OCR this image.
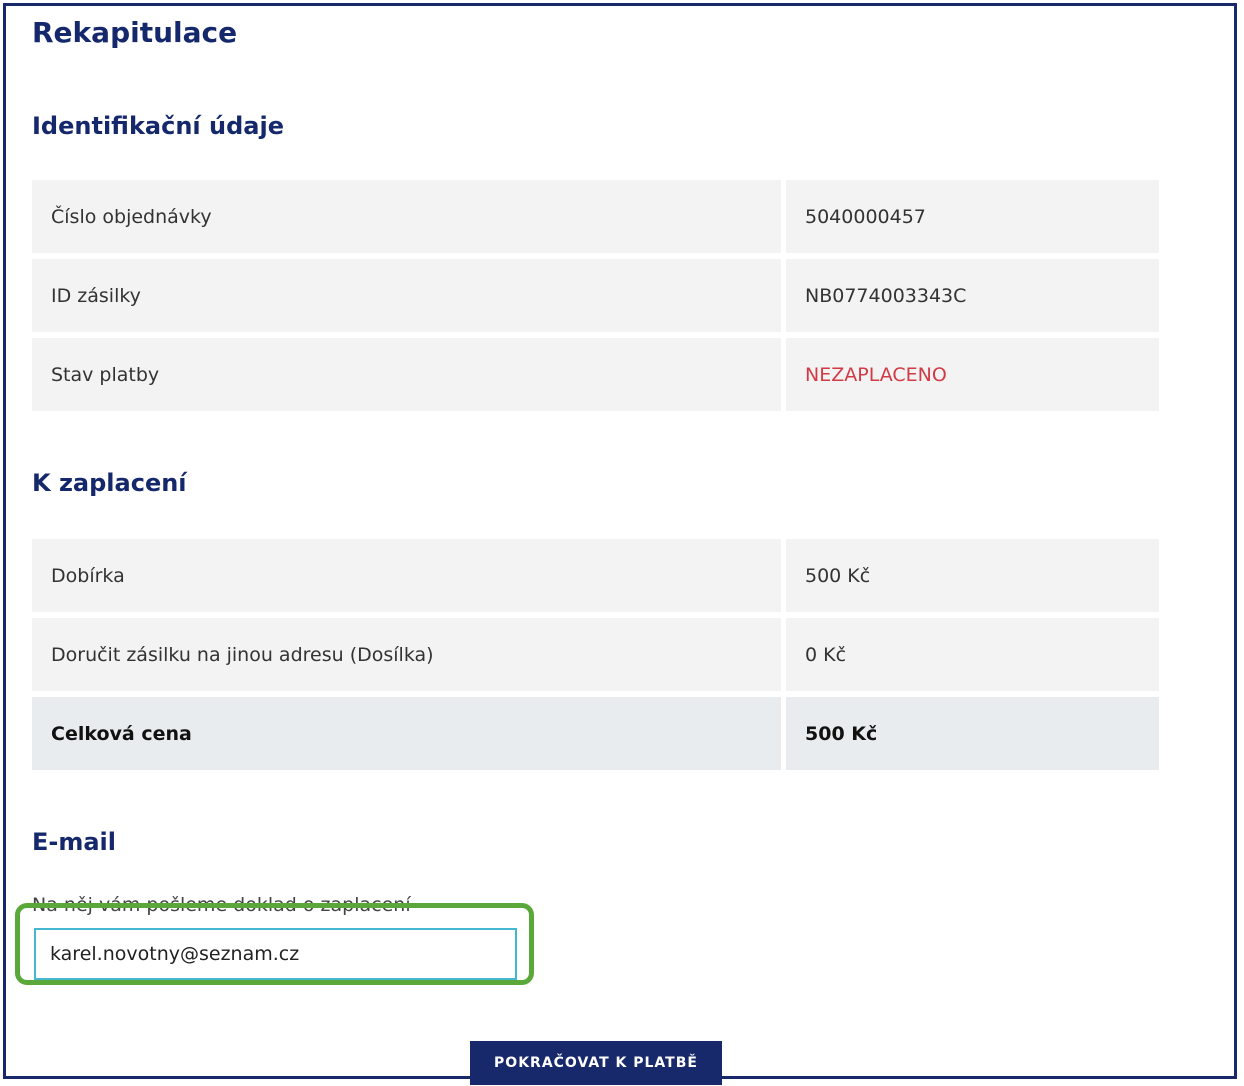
Rekapitulace
Identifikační údaje
Číslo objednávky	5040000457
ID zásilky	NB0774003343C
Stav platby	NEZAPLACENO
K zaplacení
Dobírka	500 Kč
Doručit zásilku na jinou adresu (Dosílka)	0 Kč
Celková cena	500 Kč
E-mail

Na něj vám pošleme doklad o zaplacení

karel.novotny@seznam.cz
POKRAČOVAT K PLATBĚ
